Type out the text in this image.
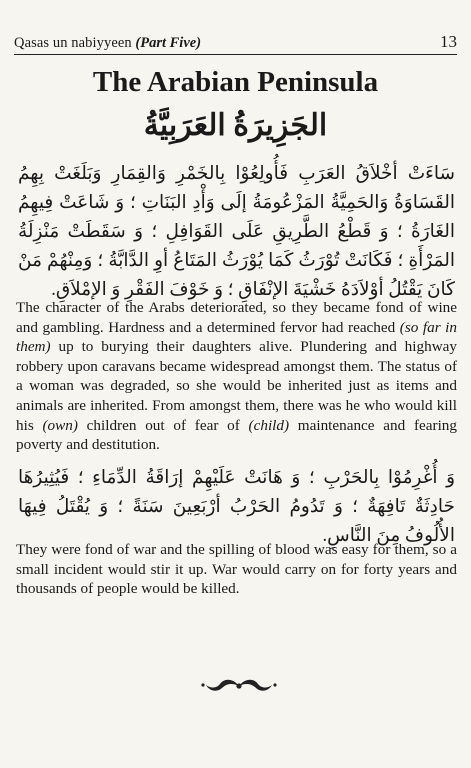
Qasas un nabiyyeen (Part Five)	13
The Arabian Peninsula
الجَزِيرَةُ العَرَبِيَّةُ

سَاءَتْ أخْلاَقُ العَرَبِ فَأُولِعُوْا بِالخَمْرِ وَالقِمَارِ وَبَلَغَتْ بِهِمُ القَسَاوَةُ وَالحَمِيَّةُ المَزْعُومَةُ إلَى وَأْدِ البَنَاتِ ؛ وَ شَاعَتْ فِيهِمُ الغَارَةُ ؛ وَ قَطْعُ الطَّرِيقِ عَلَى القَوَافِلِ ؛ وَ سَقَطَتْ مَنْزِلَةُ المَرْأَةِ ؛ فَكَانَتْ تُوْرَثُ كَمَا يُوْرَثُ المَتَاعُ أوِ الدَّابَّةُ ؛ وَمِنْهُمْ مَنْ كَانَ يَقْتُلُ أوْلاَدَهُ خَشْيَةَ الإنْفَاقِ ؛ وَ خَوْفَ الفَقْرِ وَ الإمْلاَقِ.

The character of the Arabs deteriorated, so they became fond of wine and gambling. Hardness and a determined fervor had reached (so far in them) up to burying their daughters alive. Plundering and highway robbery upon caravans became widespread amongst them. The status of a woman was degraded, so she would be inherited just as items and animals are inherited. From amongst them, there was he who would kill his (own) children out of fear of (child) maintenance and fearing poverty and destitution.

وَ أُغْرِمُوْا بِالحَرْبِ ؛ وَ هَانَتْ عَلَيْهِمْ إرَاقَةُ الدِّمَاءِ ؛ فَيُثِيرُهَا حَادِثَةٌ تَافِهَةٌ ؛ وَ تَدُومُ الحَرْبُ أرْبَعِينَ سَنَةً ؛ وَ يُقْتَلُ فِيهَا الأُلُوفُ مِنَ النَّاسِ.

They were fond of war and the spilling of blood was easy for them, so a small incident would stir it up. War would carry on for forty years and thousands of people would be killed.
